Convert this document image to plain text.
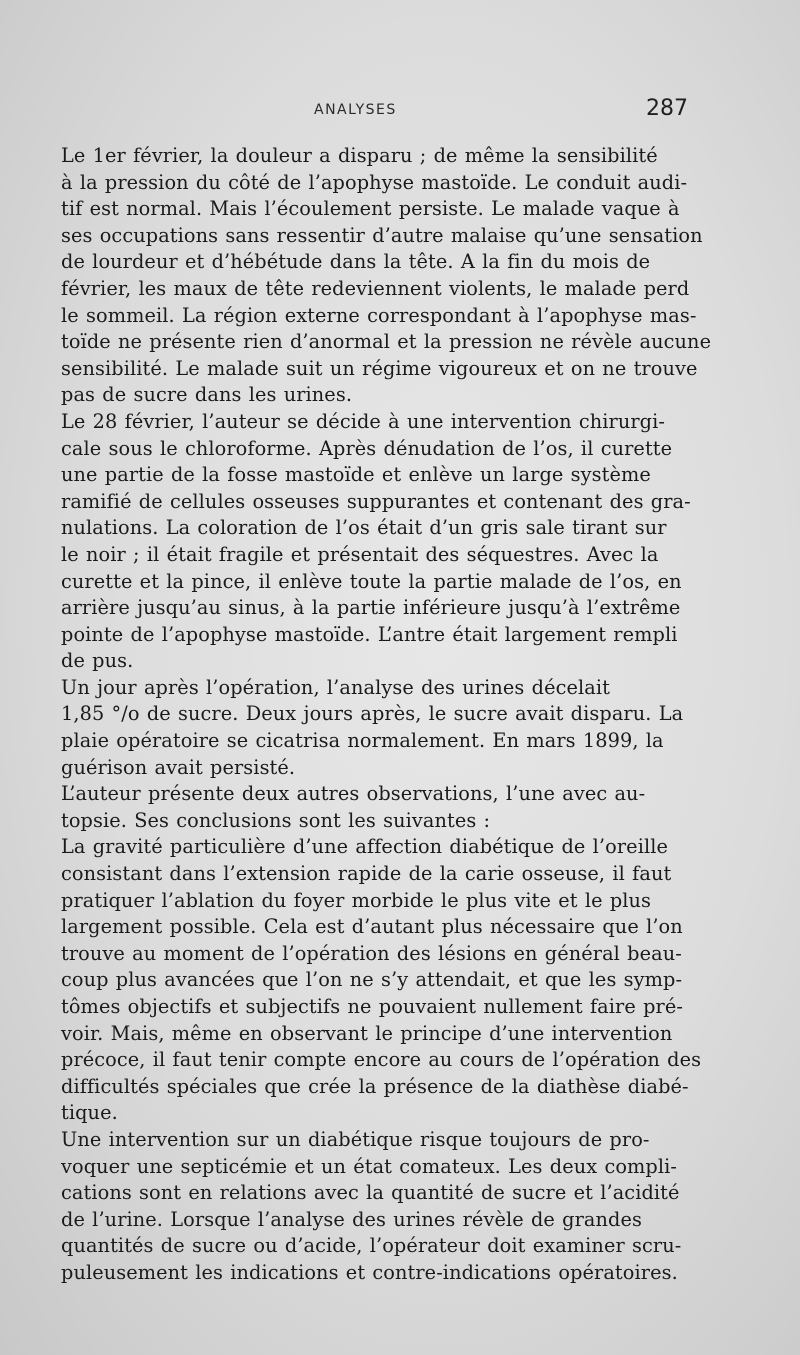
ANALYSES	287

Le 1er février, la douleur a disparu ; de même la sensibilité
à la pression du côté de l’apophyse mastoïde. Le conduit audi-
tif est normal. Mais l’écoulement persiste. Le malade vaque à
ses occupations sans ressentir d’autre malaise qu’une sensation
de lourdeur et d’hébétude dans la tête. A la fin du mois de
février, les maux de tête redeviennent violents, le malade perd
le sommeil. La région externe correspondant à l’apophyse mas-
toïde ne présente rien d’anormal et la pression ne révèle aucune
sensibilité. Le malade suit un régime vigoureux et on ne trouve
pas de sucre dans les urines.

Le 28 février, l’auteur se décide à une intervention chirurgi-
cale sous le chloroforme. Après dénudation de l’os, il curette
une partie de la fosse mastoïde et enlève un large système
ramifié de cellules osseuses suppurantes et contenant des gra-
nulations. La coloration de l’os était d’un gris sale tirant sur
le noir ; il était fragile et présentait des séquestres. Avec la
curette et la pince, il enlève toute la partie malade de l’os, en
arrière jusqu’au sinus, à la partie inférieure jusqu’à l’extrême
pointe de l’apophyse mastoïde. L’antre était largement rempli
de pus.

Un jour après l’opération, l’analyse des urines décelait
1,85 °/o de sucre. Deux jours après, le sucre avait disparu. La
plaie opératoire se cicatrisa normalement. En mars 1899, la
guérison avait persisté.

L’auteur présente deux autres observations, l’une avec au-
topsie. Ses conclusions sont les suivantes :

La gravité particulière d’une affection diabétique de l’oreille
consistant dans l’extension rapide de la carie osseuse, il faut
pratiquer l’ablation du foyer morbide le plus vite et le plus
largement possible. Cela est d’autant plus nécessaire que l’on
trouve au moment de l’opération des lésions en général beau-
coup plus avancées que l’on ne s’y attendait, et que les symp-
tômes objectifs et subjectifs ne pouvaient nullement faire pré-
voir. Mais, même en observant le principe d’une intervention
précoce, il faut tenir compte encore au cours de l’opération des
difficultés spéciales que crée la présence de la diathèse diabé-
tique.

Une intervention sur un diabétique risque toujours de pro-
voquer une septicémie et un état comateux. Les deux compli-
cations sont en relations avec la quantité de sucre et l’acidité
de l’urine. Lorsque l’analyse des urines révèle de grandes
quantités de sucre ou d’acide, l’opérateur doit examiner scru-
puleusement les indications et contre-indications opératoires.
